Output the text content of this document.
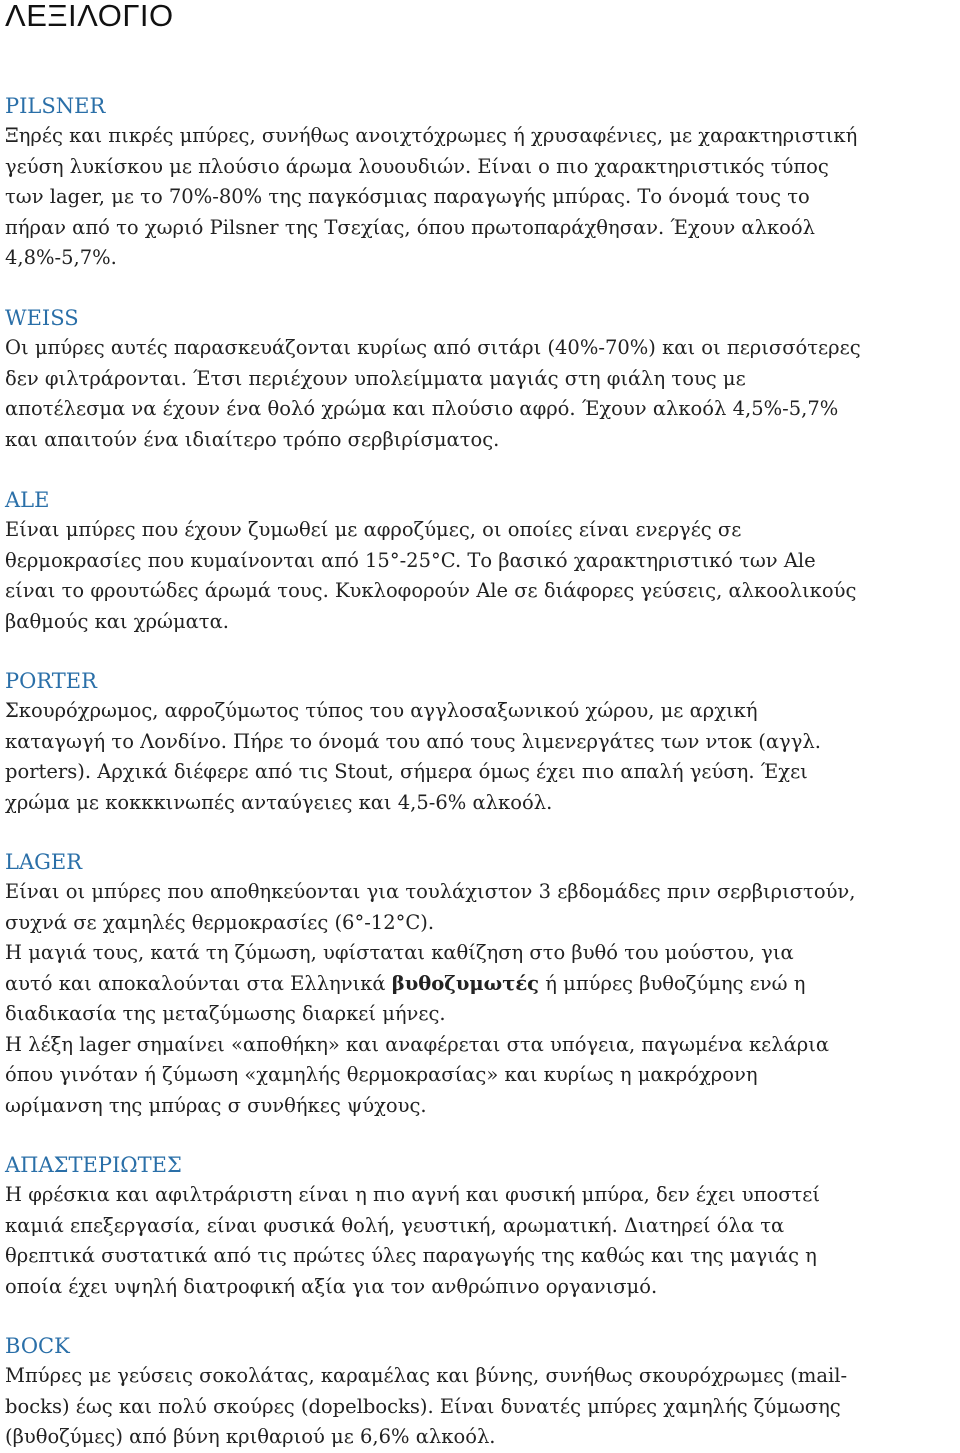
ΛΕΞΙΛΟΓΙΟ
PILSNER

Ξηρές και πικρές μπύρες, συνήθως ανοιχτόχρωμες ή χρυσαφένιες, με χαρακτηριστική

γεύση λυκίσκου με πλούσιο άρωμα λουουδιών. Είναι ο πιο χαρακτηριστικός τύπος

των lager, με το 70%-80% της παγκόσμιας παραγωγής μπύρας. Το όνομά τους το

πήραν από το χωριό Pilsner της Τσεχίας, όπου πρωτοπαράχθησαν. Έχουν αλκοόλ

4,8%-5,7%.

WEISS

Οι μπύρες αυτές παρασκευάζονται κυρίως από σιτάρι (40%-70%) και οι περισσότερες

δεν φιλτράρονται. Έτσι περιέχουν υπολείμματα μαγιάς στη φιάλη τους με

αποτέλεσμα να έχουν ένα θολό χρώμα και πλούσιο αφρό. Έχουν αλκοόλ 4,5%-5,7%

και απαιτούν ένα ιδιαίτερο τρόπο σερβιρίσματος.

ALE

Είναι μπύρες που έχουν ζυμωθεί με αφροζύμες, οι οποίες είναι ενεργές σε

θερμοκρασίες που κυμαίνονται από 15°-25°C. Το βασικό χαρακτηριστικό των Ale

είναι το φρουτώδες άρωμά τους. Κυκλοφορούν Ale σε διάφορες γεύσεις, αλκοολικούς

βαθμούς και χρώματα.

PORTER

Σκουρόχρωμος, αφροζύμωτος τύπος του αγγλοσαξωνικού χώρου, με αρχική

καταγωγή το Λονδίνο. Πήρε το όνομά του από τους λιμενεργάτες των ντοκ (αγγλ.

porters). Αρχικά διέφερε από τις Stout, σήμερα όμως έχει πιο απαλή γεύση. Έχει

χρώμα με κοκκκινωπές ανταύγειες και 4,5-6% αλκοόλ.

LAGER

Είναι οι μπύρες που αποθηκεύονται για τουλάχιστον 3 εβδομάδες πριν σερβιριστούν,

συχνά σε χαμηλές θερμοκρασίες (6°-12°C).

Η μαγιά τους, κατά τη ζύμωση, υφίσταται καθίζηση στο βυθό του μούστου, για

αυτό και αποκαλούνται στα Ελληνικά βυθοζυμωτές ή μπύρες βυθοζύμης ενώ η

διαδικασία της μεταζύμωσης διαρκεί μήνες.

Η λέξη lager σημαίνει «αποθήκη» και αναφέρεται στα υπόγεια, παγωμένα κελάρια

όπου γινόταν ή ζύμωση «χαμηλής θερμοκρασίας» και κυρίως η μακρόχρονη

ωρίμανση της μπύρας σ συνθήκες ψύχους.

ΑΠΑΣΤΕΡΙΩΤΕΣ

Η φρέσκια και αφιλτράριστη είναι η πιο αγνή και φυσική μπύρα, δεν έχει υποστεί

καμιά επεξεργασία, είναι φυσικά θολή, γευστική, αρωματική. Διατηρεί όλα τα

θρεπτικά συστατικά από τις πρώτες ύλες παραγωγής της καθώς και της μαγιάς η

οποία έχει υψηλή διατροφική αξία για τον ανθρώπινο οργανισμό.

BOCK

Μπύρες με γεύσεις σοκολάτας, καραμέλας και βύνης, συνήθως σκουρόχρωμες (mail-

bocks) έως και πολύ σκούρες (dopelbocks). Είναι δυνατές μπύρες χαμηλής ζύμωσης

(βυθοζύμες) από βύνη κριθαριού με 6,6% αλκοόλ.
